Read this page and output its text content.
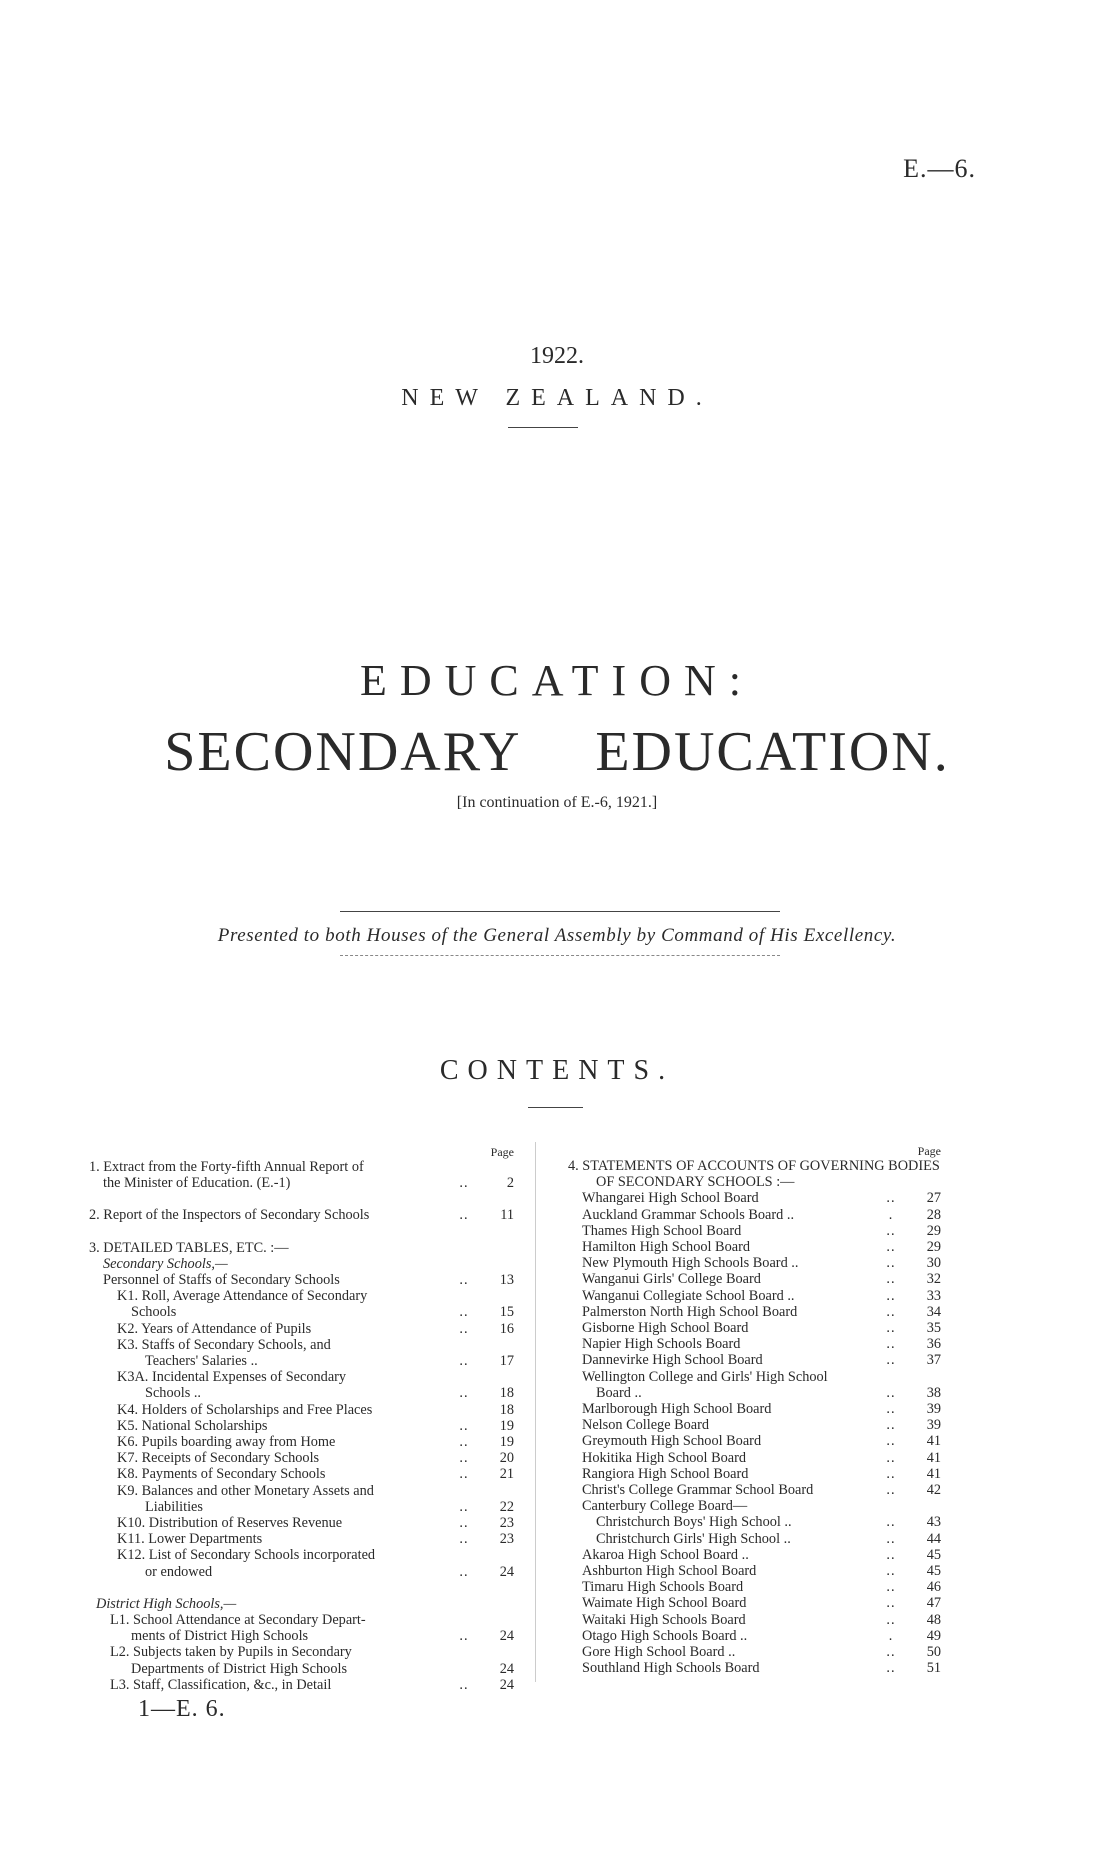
E.—6.
1922.
NEW ZEALAND.
EDUCATION:
SECONDARY EDUCATION.
[In continuation of E.-6, 1921.]
Presented to both Houses of the General Assembly by Command of His Excellency.
CONTENTS.
Page
1. Extract from the Forty-fifth Annual Report of
the Minister of Education. (E.-1)	..	2
2. Report of the Inspectors of Secondary Schools	..	11
3. DETAILED TABLES, ETC. :—
Secondary Schools,—
Personnel of Staffs of Secondary Schools	..	13
K1. Roll, Average Attendance of Secondary
Schools	..	15
K2. Years of Attendance of Pupils	..	16
K3. Staffs of Secondary Schools, and
Teachers' Salaries ..	..	17
K3A. Incidental Expenses of Secondary
Schools ..	..	18
K4. Holders of Scholarships and Free Places	18
K5. National Scholarships	..	19
K6. Pupils boarding away from Home	..	19
K7. Receipts of Secondary Schools	..	20
K8. Payments of Secondary Schools	..	21
K9. Balances and other Monetary Assets and
Liabilities	..	22
K10. Distribution of Reserves Revenue	..	23
K11. Lower Departments	..	23
K12. List of Secondary Schools incorporated
or endowed	..	24
District High Schools,—
L1. School Attendance at Secondary Depart-
ments of District High Schools	..	24
L2. Subjects taken by Pupils in Secondary
Departments of District High Schools	24
L3. Staff, Classification, &c., in Detail	..	24
Page
4. STATEMENTS OF ACCOUNTS OF GOVERNING BODIES
OF SECONDARY SCHOOLS :—
Whangarei High School Board	..	27
Auckland Grammar Schools Board ..	.	28
Thames High School Board	..	29
Hamilton High School Board	..	29
New Plymouth High Schools Board ..	..	30
Wanganui Girls' College Board	..	32
Wanganui Collegiate School Board ..	..	33
Palmerston North High School Board	..	34
Gisborne High School Board	..	35
Napier High Schools Board	..	36
Dannevirke High School Board	..	37
Wellington College and Girls' High School
Board ..	..	38
Marlborough High School Board	..	39
Nelson College Board	..	39
Greymouth High School Board	..	41
Hokitika High School Board	..	41
Rangiora High School Board	..	41
Christ's College Grammar School Board	..	42
Canterbury College Board—
Christchurch Boys' High School ..	..	43
Christchurch Girls' High School ..	..	44
Akaroa High School Board ..	..	45
Ashburton High School Board	..	45
Timaru High Schools Board	..	46
Waimate High School Board	..	47
Waitaki High Schools Board	..	48
Otago High Schools Board ..	.	49
Gore High School Board ..	..	50
Southland High Schools Board	..	51
1—E. 6.
